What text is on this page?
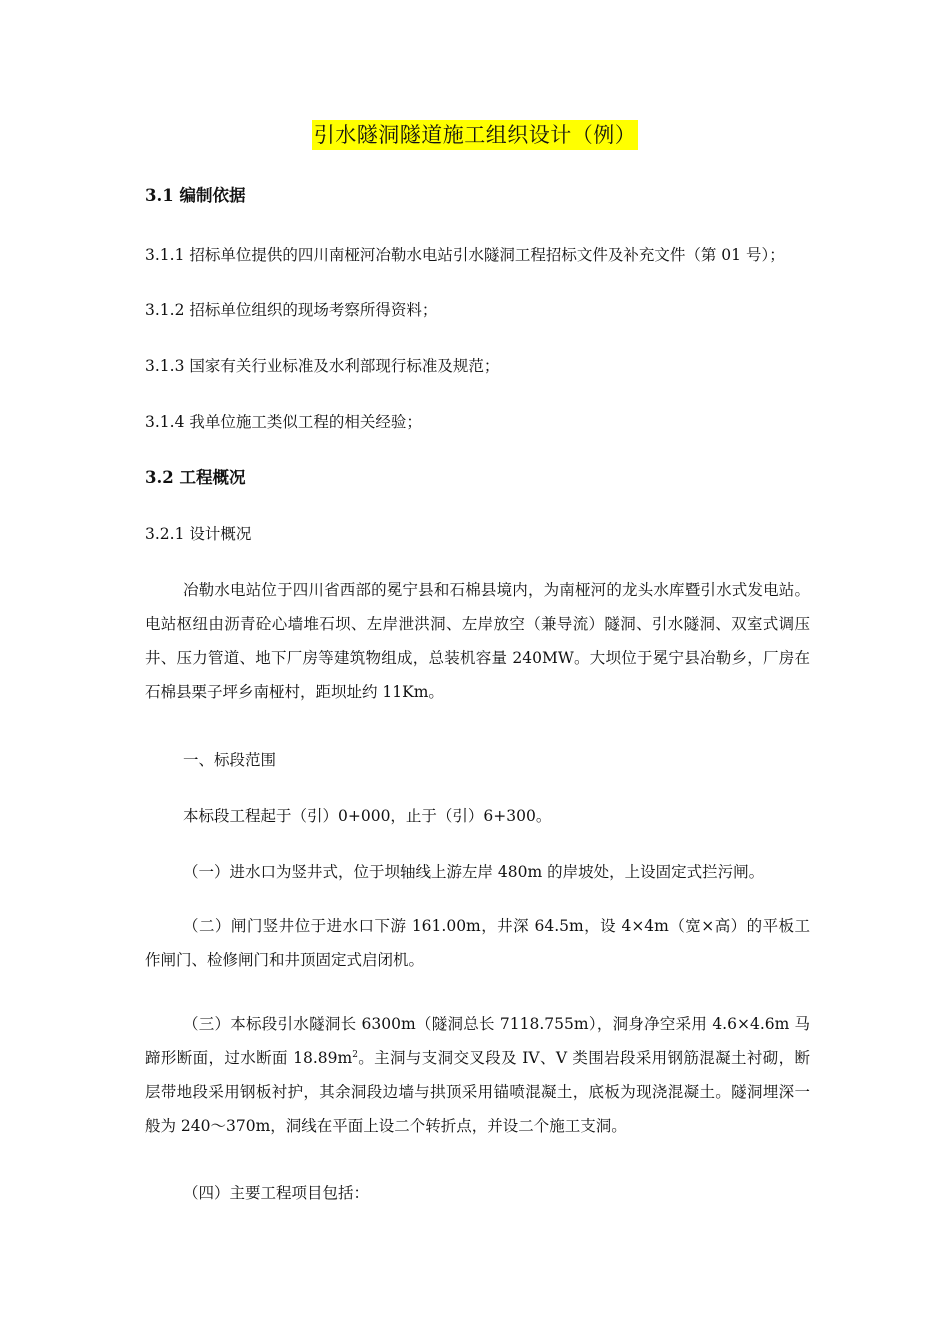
引水隧洞隧道施工组织设计（例）
3.1 编制依据
3.1.1 招标单位提供的四川南桠河冶勒水电站引水隧洞工程招标文件及补充文件（第 01 号）；
3.1.2 招标单位组织的现场考察所得资料；
3.1.3 国家有关行业标准及水利部现行标准及规范；
3.1.4 我单位施工类似工程的相关经验；
3.2 工程概况
3.2.1 设计概况
冶勒水电站位于四川省西部的冕宁县和石棉县境内，为南桠河的龙头水库暨引水式发电站。电站枢纽由沥青砼心墙堆石坝、左岸泄洪洞、左岸放空（兼导流）隧洞、引水隧洞、双室式调压井、压力管道、地下厂房等建筑物组成，总装机容量 240MW。大坝位于冕宁县冶勒乡，厂房在石棉县栗子坪乡南桠村，距坝址约 11Km。
一、标段范围
本标段工程起于（引）0+000，止于（引）6+300。
（一）进水口为竖井式，位于坝轴线上游左岸 480m 的岸坡处，上设固定式拦污闸。
（二）闸门竖井位于进水口下游 161.00m，井深 64.5m，设 4×4m（宽×高）的平板工作闸门、检修闸门和井顶固定式启闭机。
（三）本标段引水隧洞长 6300m（隧洞总长 7118.755m），洞身净空采用 4.6×4.6m 马蹄形断面，过水断面 $18.89m^2$。主洞与支洞交叉段及 IV、V 类围岩段采用钢筋混凝土衬砌，断层带地段采用钢板衬护，其余洞段边墙与拱顶采用锚喷混凝土，底板为现浇混凝土。隧洞埋深一般为 240～370m，洞线在平面上设二个转折点，并设二个施工支洞。
（四）主要工程项目包括：
